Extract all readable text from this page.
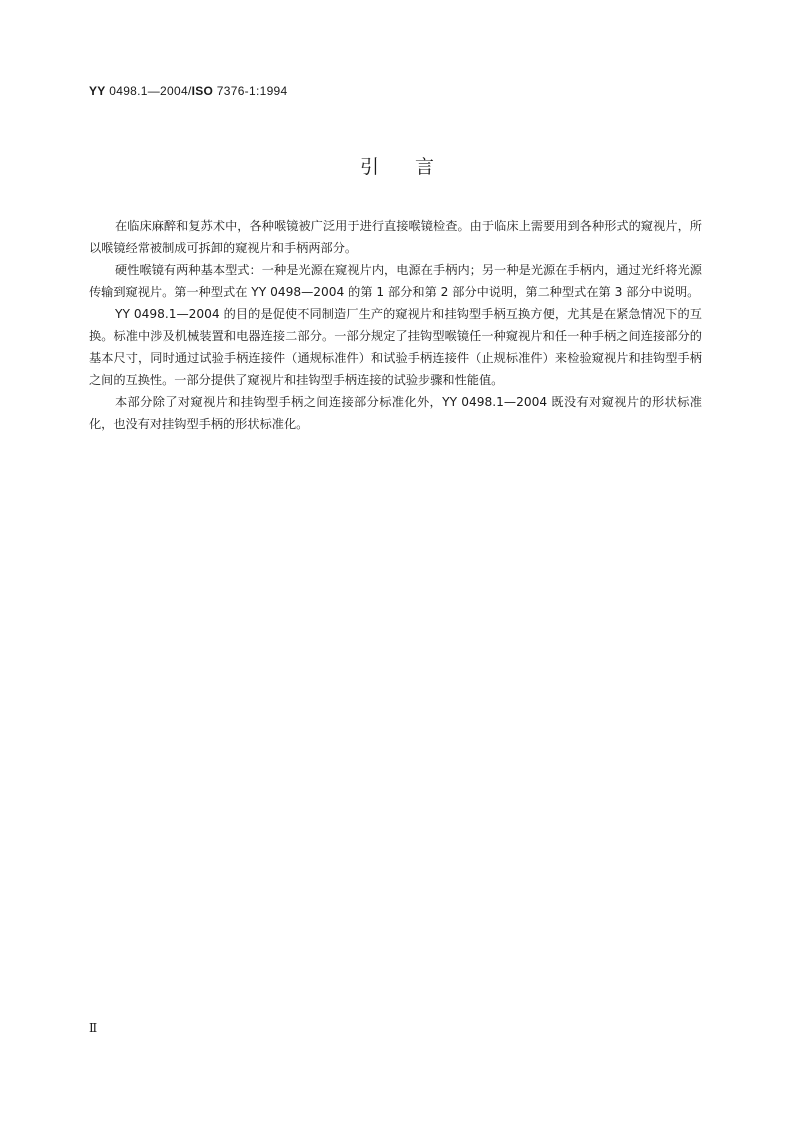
YY 0498.1—2004/ISO 7376-1:1994
引言

在临床麻醉和复苏术中，各种喉镜被广泛用于进行直接喉镜检查。由于临床上需要用到各种形式的窥视片，所以喉镜经常被制成可拆卸的窥视片和手柄两部分。

硬性喉镜有两种基本型式：一种是光源在窥视片内，电源在手柄内；另一种是光源在手柄内，通过光纤将光源传输到窥视片。第一种型式在 YY 0498—2004 的第 1 部分和第 2 部分中说明，第二种型式在第 3 部分中说明。

YY 0498.1—2004 的目的是促使不同制造厂生产的窥视片和挂钩型手柄互换方便，尤其是在紧急情况下的互换。标准中涉及机械装置和电器连接二部分。一部分规定了挂钩型喉镜任一种窥视片和任一种手柄之间连接部分的基本尺寸，同时通过试验手柄连接件（通规标准件）和试验手柄连接件（止规标准件）来检验窥视片和挂钩型手柄之间的互换性。一部分提供了窥视片和挂钩型手柄连接的试验步骤和性能值。

本部分除了对窥视片和挂钩型手柄之间连接部分标准化外，YY 0498.1—2004 既没有对窥视片的形状标准化，也没有对挂钩型手柄的形状标准化。

Ⅱ
